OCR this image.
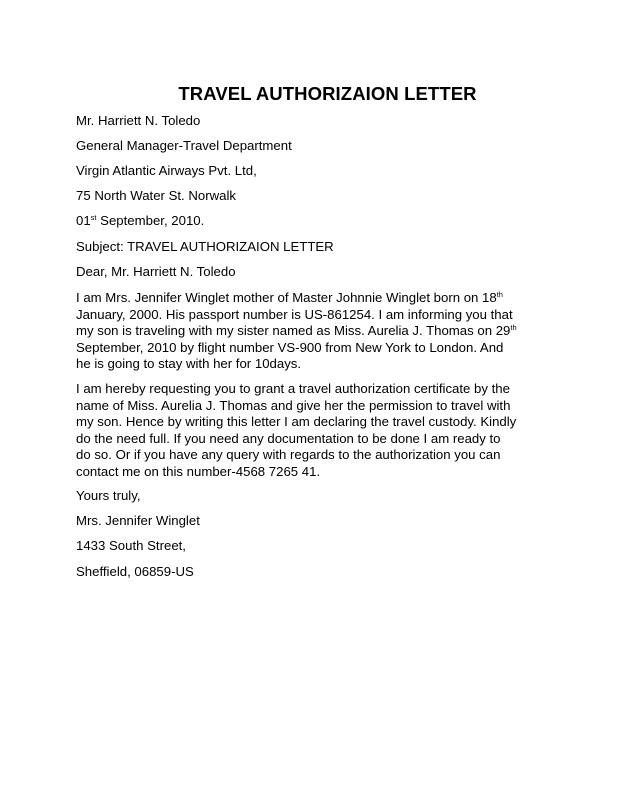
TRAVEL AUTHORIZAION LETTER
Mr. Harriett N. Toledo
General Manager-Travel Department
Virgin Atlantic Airways Pvt. Ltd,
75 North Water St. Norwalk
01st September, 2010.
Subject: TRAVEL AUTHORIZAION LETTER
Dear, Mr. Harriett N. Toledo
I am Mrs. Jennifer Winglet mother of Master Johnnie Winglet born on 18th
January, 2000. His passport number is US-861254. I am informing you that
my son is traveling with my sister named as Miss. Aurelia J. Thomas on 29th
September, 2010 by flight number VS-900 from New York to London. And
he is going to stay with her for 10days.
I am hereby requesting you to grant a travel authorization certificate by the
name of Miss. Aurelia J. Thomas and give her the permission to travel with
my son. Hence by writing this letter I am declaring the travel custody. Kindly
do the need full. If you need any documentation to be done I am ready to
do so. Or if you have any query with regards to the authorization you can
contact me on this number-4568 7265 41.
Yours truly,
Mrs. Jennifer Winglet
1433 South Street,
Sheffield, 06859-US
